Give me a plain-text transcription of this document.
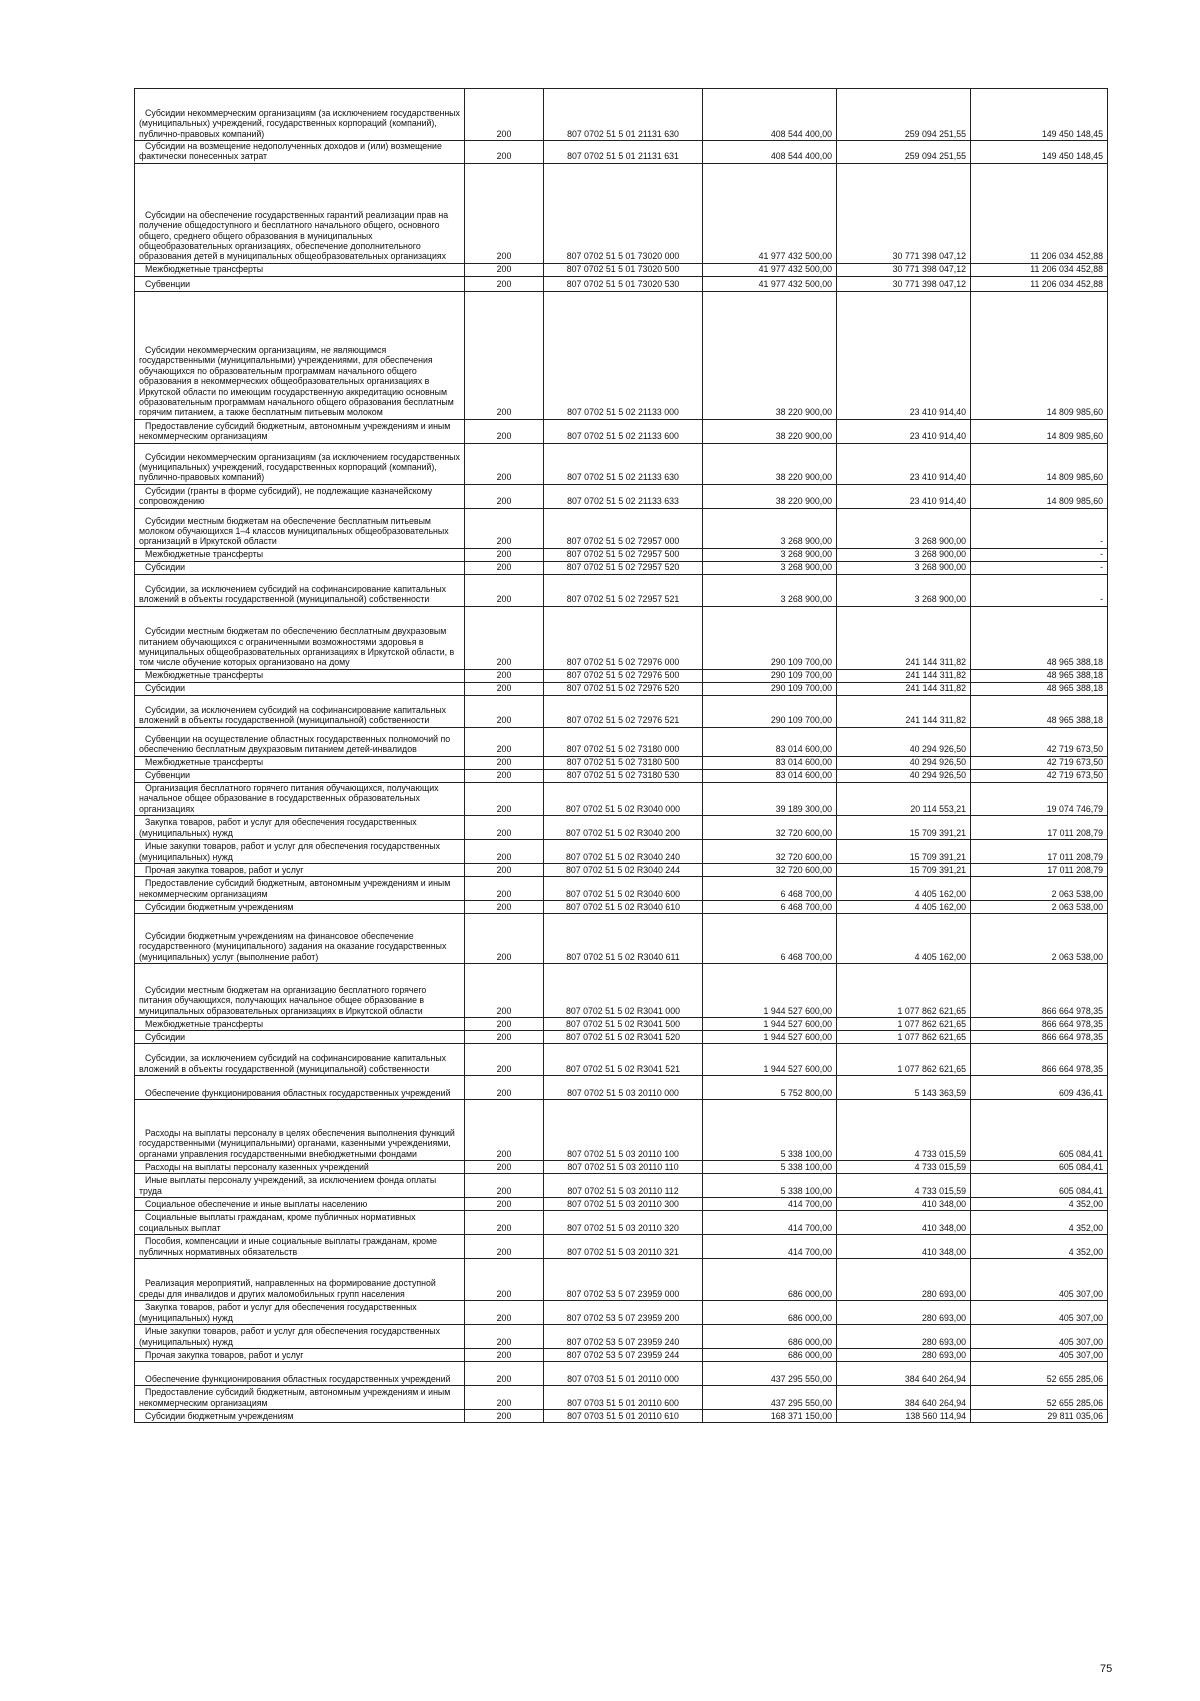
Субсидии некоммерческим организациям (за исключением государственных (муниципальных) учреждений, государственных корпораций (компаний), публично-правовых компаний)	200	807 0702 51 5 01 21131 630	408 544 400,00	259 094 251,55	149 450 148,45

Субсидии на возмещение недополученных доходов и (или) возмещение фактически понесенных затрат	200	807 0702 51 5 01 21131 631	408 544 400,00	259 094 251,55	149 450 148,45

Субсидии на обеспечение государственных гарантий реализации прав на получение общедоступного и бесплатного начального общего, основного общего, среднего общего образования в муниципальных общеобразовательных организациях, обеспечение дополнительного образования детей в муниципальных общеобразовательных организациях	200	807 0702 51 5 01 73020 000	41 977 432 500,00	30 771 398 047,12	11 206 034 452,88

Межбюджетные трансферты	200	807 0702 51 5 01 73020 500	41 977 432 500,00	30 771 398 047,12	11 206 034 452,88

Субвенции	200	807 0702 51 5 01 73020 530	41 977 432 500,00	30 771 398 047,12	11 206 034 452,88

Субсидии некоммерческим организациям, не являющимся государственными (муниципальными) учреждениями, для обеспечения обучающихся по образовательным программам начального общего образования в некоммерческих общеобразовательных организациях в Иркутской области по имеющим государственную аккредитацию основным образовательным программам начального общего образования бесплатным горячим питанием, а также бесплатным питьевым молоком	200	807 0702 51 5 02 21133 000	38 220 900,00	23 410 914,40	14 809 985,60

Предоставление субсидий бюджетным, автономным учреждениям и иным некоммерческим организациям	200	807 0702 51 5 02 21133 600	38 220 900,00	23 410 914,40	14 809 985,60

Субсидии некоммерческим организациям (за исключением государственных (муниципальных) учреждений, государственных корпораций (компаний), публично-правовых компаний)	200	807 0702 51 5 02 21133 630	38 220 900,00	23 410 914,40	14 809 985,60

Субсидии (гранты в форме субсидий), не подлежащие казначейскому сопровождению	200	807 0702 51 5 02 21133 633	38 220 900,00	23 410 914,40	14 809 985,60

Субсидии местным бюджетам на обеспечение бесплатным питьевым молоком обучающихся 1–4 классов муниципальных общеобразовательных организаций в Иркутской области	200	807 0702 51 5 02 72957 000	3 268 900,00	3 268 900,00	-

Межбюджетные трансферты	200	807 0702 51 5 02 72957 500	3 268 900,00	3 268 900,00	-

Субсидии	200	807 0702 51 5 02 72957 520	3 268 900,00	3 268 900,00	-

Субсидии, за исключением субсидий на софинансирование капитальных вложений в объекты государственной (муниципальной) собственности	200	807 0702 51 5 02 72957 521	3 268 900,00	3 268 900,00	-

Субсидии местным бюджетам по обеспечению бесплатным двухразовым питанием обучающихся с ограниченными возможностями здоровья в муниципальных общеобразовательных организациях в Иркутской области, в том числе обучение которых организовано на дому	200	807 0702 51 5 02 72976 000	290 109 700,00	241 144 311,82	48 965 388,18

Межбюджетные трансферты	200	807 0702 51 5 02 72976 500	290 109 700,00	241 144 311,82	48 965 388,18

Субсидии	200	807 0702 51 5 02 72976 520	290 109 700,00	241 144 311,82	48 965 388,18

Субсидии, за исключением субсидий на софинансирование капитальных вложений в объекты государственной (муниципальной) собственности	200	807 0702 51 5 02 72976 521	290 109 700,00	241 144 311,82	48 965 388,18

Субвенции на осуществление областных государственных полномочий по обеспечению бесплатным двухразовым питанием детей-инвалидов	200	807 0702 51 5 02 73180 000	83 014 600,00	40 294 926,50	42 719 673,50

Межбюджетные трансферты	200	807 0702 51 5 02 73180 500	83 014 600,00	40 294 926,50	42 719 673,50

Субвенции	200	807 0702 51 5 02 73180 530	83 014 600,00	40 294 926,50	42 719 673,50

Организация бесплатного горячего питания обучающихся, получающих начальное общее образование в государственных образовательных организациях	200	807 0702 51 5 02 R3040 000	39 189 300,00	20 114 553,21	19 074 746,79

Закупка товаров, работ и услуг для обеспечения государственных (муниципальных) нужд	200	807 0702 51 5 02 R3040 200	32 720 600,00	15 709 391,21	17 011 208,79

Иные закупки товаров, работ и услуг для обеспечения государственных (муниципальных) нужд	200	807 0702 51 5 02 R3040 240	32 720 600,00	15 709 391,21	17 011 208,79

Прочая закупка товаров, работ и услуг	200	807 0702 51 5 02 R3040 244	32 720 600,00	15 709 391,21	17 011 208,79

Предоставление субсидий бюджетным, автономным учреждениям и иным некоммерческим организациям	200	807 0702 51 5 02 R3040 600	6 468 700,00	4 405 162,00	2 063 538,00

Субсидии бюджетным учреждениям	200	807 0702 51 5 02 R3040 610	6 468 700,00	4 405 162,00	2 063 538,00

Субсидии бюджетным учреждениям на финансовое обеспечение государственного (муниципального) задания на оказание государственных (муниципальных) услуг (выполнение работ)	200	807 0702 51 5 02 R3040 611	6 468 700,00	4 405 162,00	2 063 538,00

Субсидии местным бюджетам на организацию бесплатного горячего питания обучающихся, получающих начальное общее образование в муниципальных образовательных организациях в Иркутской области	200	807 0702 51 5 02 R3041 000	1 944 527 600,00	1 077 862 621,65	866 664 978,35

Межбюджетные трансферты	200	807 0702 51 5 02 R3041 500	1 944 527 600,00	1 077 862 621,65	866 664 978,35

Субсидии	200	807 0702 51 5 02 R3041 520	1 944 527 600,00	1 077 862 621,65	866 664 978,35

Субсидии, за исключением субсидий на софинансирование капитальных вложений в объекты государственной (муниципальной) собственности	200	807 0702 51 5 02 R3041 521	1 944 527 600,00	1 077 862 621,65	866 664 978,35

Обеспечение функционирования областных государственных учреждений	200	807 0702 51 5 03 20110 000	5 752 800,00	5 143 363,59	609 436,41

Расходы на выплаты персоналу в целях обеспечения выполнения функций государственными (муниципальными) органами, казенными учреждениями, органами управления государственными внебюджетными фондами	200	807 0702 51 5 03 20110 100	5 338 100,00	4 733 015,59	605 084,41

Расходы на выплаты персоналу казенных учреждений	200	807 0702 51 5 03 20110 110	5 338 100,00	4 733 015,59	605 084,41

Иные выплаты персоналу учреждений, за исключением фонда оплаты труда	200	807 0702 51 5 03 20110 112	5 338 100,00	4 733 015,59	605 084,41

Социальное обеспечение и иные выплаты населению	200	807 0702 51 5 03 20110 300	414 700,00	410 348,00	4 352,00

Социальные выплаты гражданам, кроме публичных нормативных социальных выплат	200	807 0702 51 5 03 20110 320	414 700,00	410 348,00	4 352,00

Пособия, компенсации и иные социальные выплаты гражданам, кроме публичных нормативных обязательств	200	807 0702 51 5 03 20110 321	414 700,00	410 348,00	4 352,00

Реализация мероприятий, направленных на формирование доступной среды для инвалидов и других маломобильных групп населения	200	807 0702 53 5 07 23959 000	686 000,00	280 693,00	405 307,00

Закупка товаров, работ и услуг для обеспечения государственных (муниципальных) нужд	200	807 0702 53 5 07 23959 200	686 000,00	280 693,00	405 307,00

Иные закупки товаров, работ и услуг для обеспечения государственных (муниципальных) нужд	200	807 0702 53 5 07 23959 240	686 000,00	280 693,00	405 307,00

Прочая закупка товаров, работ и услуг	200	807 0702 53 5 07 23959 244	686 000,00	280 693,00	405 307,00

Обеспечение функционирования областных государственных учреждений	200	807 0703 51 5 01 20110 000	437 295 550,00	384 640 264,94	52 655 285,06

Предоставление субсидий бюджетным, автономным учреждениям и иным некоммерческим организациям	200	807 0703 51 5 01 20110 600	437 295 550,00	384 640 264,94	52 655 285,06

Субсидии бюджетным учреждениям	200	807 0703 51 5 01 20110 610	168 371 150,00	138 560 114,94	29 811 035,06
75
